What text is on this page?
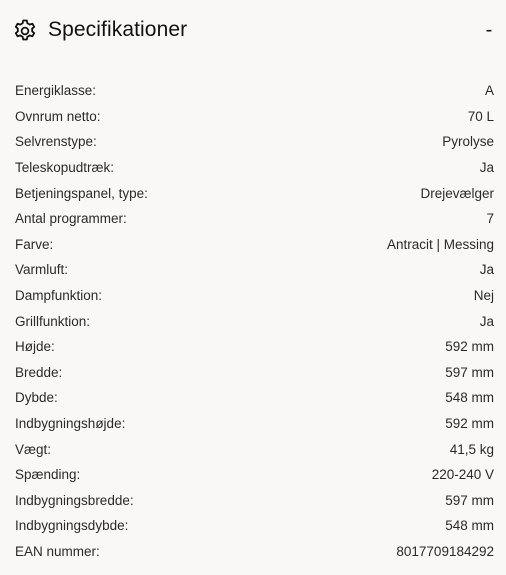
Specifikationer	-
Energiklasse:	A
Ovnrum netto:	70 L
Selvrenstype:	Pyrolyse
Teleskopudtræk:	Ja
Betjeningspanel, type:	Drejevælger
Antal programmer:	7
Farve:	Antracit | Messing
Varmluft:	Ja
Dampfunktion:	Nej
Grillfunktion:	Ja
Højde:	592 mm
Bredde:	597 mm
Dybde:	548 mm
Indbygningshøjde:	592 mm
Vægt:	41,5 kg
Spænding:	220-240 V
Indbygningsbredde:	597 mm
Indbygningsdybde:	548 mm
EAN nummer:	8017709184292
